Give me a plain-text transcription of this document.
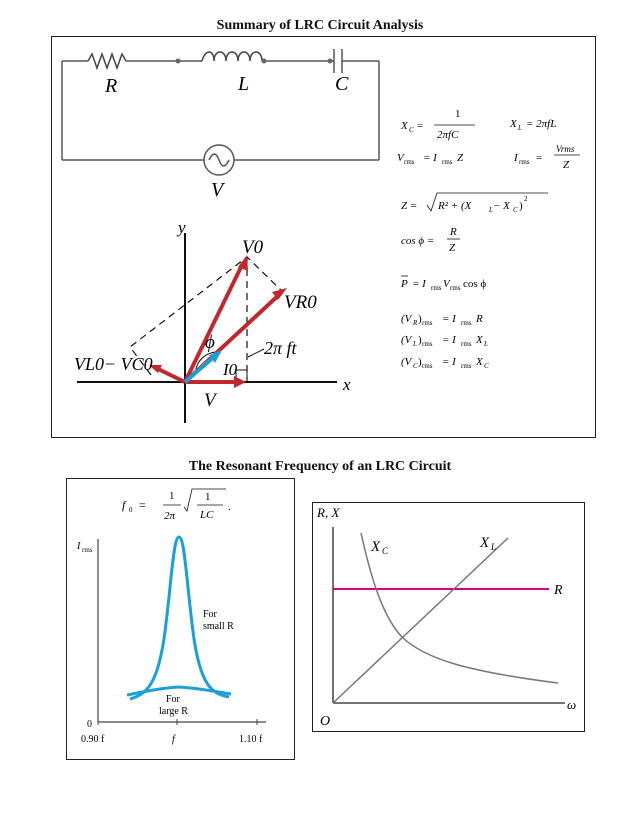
Summary of LRC Circuit Analysis
R	L	C
V
y
x
V0
VR0
VL0− VC0
ϕ
I0
2π ft
V
X C =
1
2πfC
X L = 2πfL
V rms = I rms Z	I rms =
Vrms
Z
Z = R² + (X	L − X C )
2
cos ϕ =
R
Z
P = I rms V rms cos ϕ
(V R ) rms = I rms R
(V L ) rms = I rms X L
(V C ) rms = I rms X C
The Resonant Frequency of an LRC Circuit
f 0 =
1
2π
1
LC
.
I rms
0
0.90 f	f	1.10 f
For
small R
For
large R
R, X
O
ω
R
X L
X C
